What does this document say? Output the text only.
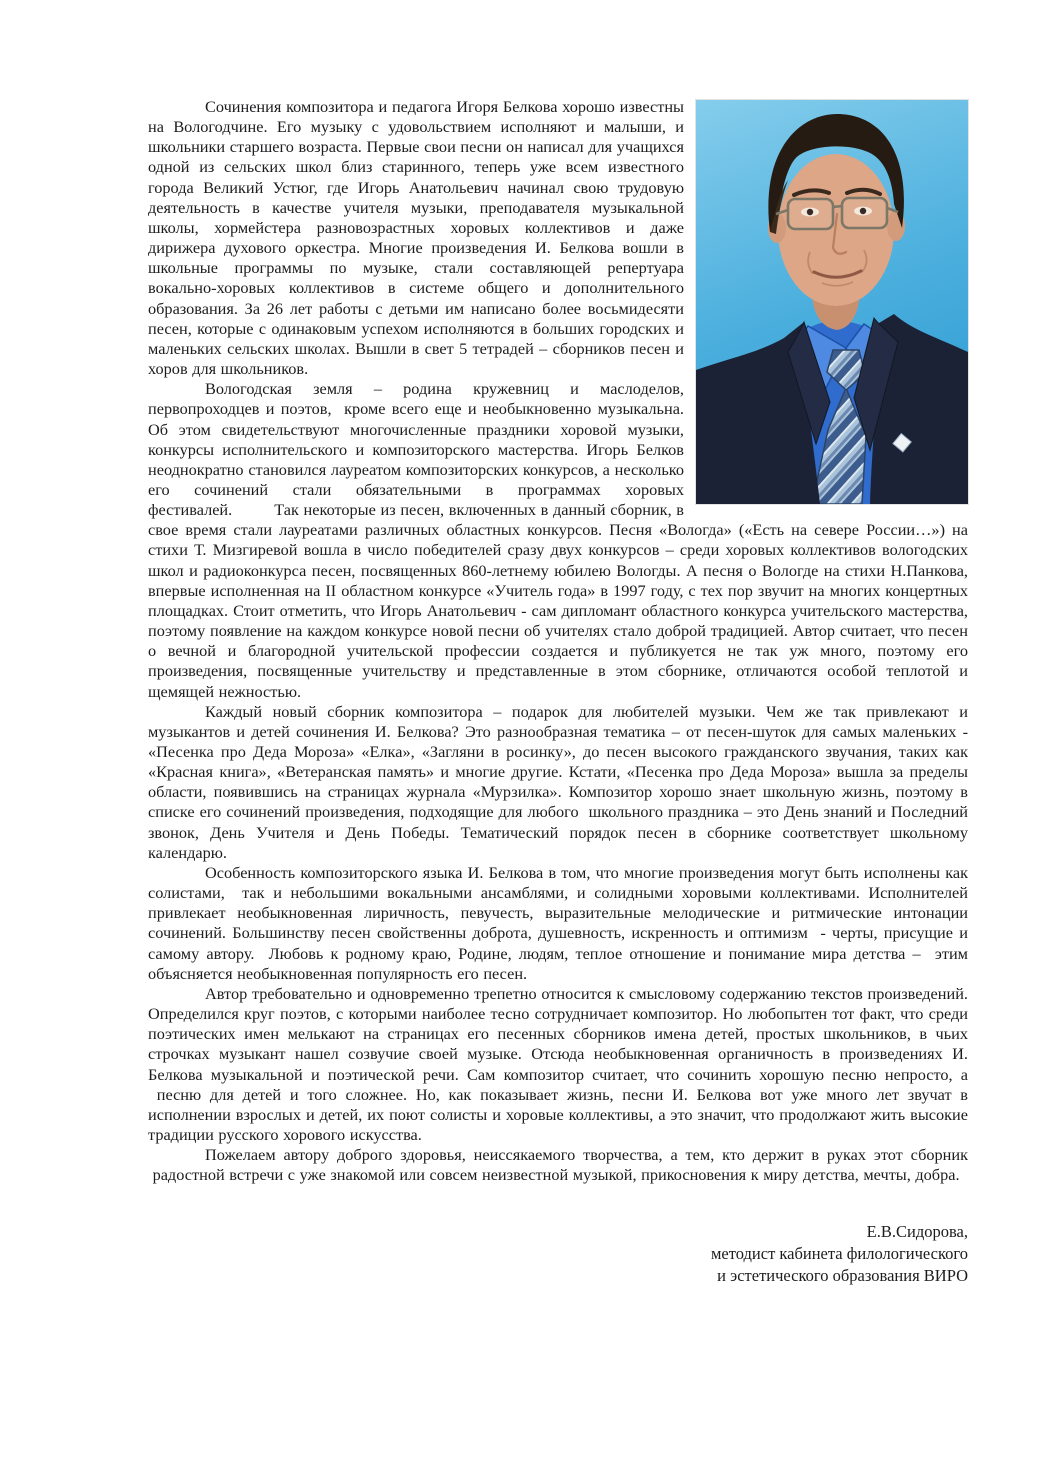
Сочинения композитора и педагога Игоря Белкова хорошо известны на Вологодчине. Его музыку с удовольствием исполняют и малыши, и школьники старшего возраста. Первые свои песни он написал для учащихся одной из сельских школ близ старинного, теперь уже всем известного города Великий Устюг, где Игорь Анатольевич начинал свою трудовую деятельность в качестве учителя музыки, преподавателя музыкальной школы, хормейстера разновозрастных хоровых коллективов и даже дирижера духового оркестра. Многие произведения И. Белкова вошли в школьные программы по музыке, стали составляющей репертуара вокально-хоровых коллективов в системе общего и дополнительного образования. За 26 лет работы с детьми им написано более восьмидесяти песен, которые с одинаковым успехом исполняются в больших городских и маленьких сельских школах. Вышли в свет 5 тетрадей – сборников песен и хоров для школьников.

Вологодская земля – родина кружевниц и маслоделов, первопроходцев и поэтов,  кроме всего еще и необыкновенно музыкальна. Об этом свидетельствуют многочисленные праздники хоровой музыки, конкурсы исполнительского и композиторского мастерства. Игорь Белков неоднократно становился лауреатом композиторских конкурсов, а несколько его сочинений стали обязательными в программах хоровых фестивалей.         Так некоторые из песен, включенных в данный сборник, в свое время стали лауреатами различных областных конкурсов. Песня «Вологда» («Есть на севере России…») на стихи Т. Мизгиревой вошла в число победителей сразу двух конкурсов – среди хоровых коллективов вологодских школ и радиоконкурса песен, посвященных 860-летнему юбилею Вологды. А песня о Вологде на стихи Н.Панкова, впервые исполненная на II областном конкурсе «Учитель года» в 1997 году, с тех пор звучит на многих концертных площадках. Стоит отметить, что Игорь Анатольевич - сам дипломант областного конкурса учительского мастерства, поэтому появление на каждом конкурсе новой песни об учителях стало доброй традицией. Автор считает, что песен о вечной и благородной учительской профессии создается и публикуется не так уж много, поэтому его произведения, посвященные учительству и представленные в этом сборнике, отличаются особой теплотой и щемящей нежностью.

Каждый новый сборник композитора – подарок для любителей музыки. Чем же так привлекают и музыкантов и детей сочинения И. Белкова? Это разнообразная тематика – от песен-шуток для самых маленьких - «Песенка про Деда Мороза» «Елка», «Загляни в росинку», до песен высокого гражданского звучания, таких как «Красная книга», «Ветеранская память» и многие другие. Кстати, «Песенка про Деда Мороза» вышла за пределы области, появившись на страницах журнала «Мурзилка». Композитор хорошо знает школьную жизнь, поэтому в списке его сочинений произведения, подходящие для любого  школьного праздника – это День знаний и Последний звонок, День Учителя и День Победы. Тематический порядок песен в сборнике соответствует школьному календарю.

Особенность композиторского языка И. Белкова в том, что многие произведения могут быть исполнены как солистами,  так и небольшими вокальными ансамблями, и солидными хоровыми коллективами. Исполнителей привлекает необыкновенная лиричность, певучесть, выразительные мелодические и ритмические интонации сочинений. Большинству песен свойственны доброта, душевность, искренность и оптимизм  - черты, присущие и самому автору.  Любовь к родному краю, Родине, людям, теплое отношение и понимание мира детства –  этим объясняется необыкновенная популярность его песен.

Автор требовательно и одновременно трепетно относится к смысловому содержанию текстов произведений. Определился круг поэтов, с которыми наиболее тесно сотрудничает композитор. Но любопытен тот факт, что среди поэтических имен мелькают на страницах его песенных сборников имена детей, простых школьников, в чьих строчках музыкант нашел созвучие своей музыке. Отсюда необыкновенная органичность в произведениях И. Белкова музыкальной и поэтической речи. Сам композитор считает, что сочинить хорошую песню непросто, а  песню для детей и того сложнее. Но, как показывает жизнь, песни И. Белкова вот уже много лет звучат в исполнении взрослых и детей, их поют солисты и хоровые коллективы, а это значит, что продолжают жить высокие традиции русского хорового искусства.

Пожелаем автору доброго здоровья, неиссякаемого творчества, а тем, кто держит в руках этот сборник  радостной встречи с уже знакомой или совсем неизвестной музыкой, прикосновения к миру детства, мечты, добра.

Е.В.Сидорова,
методист кабинета филологического
и эстетического образования ВИРО
